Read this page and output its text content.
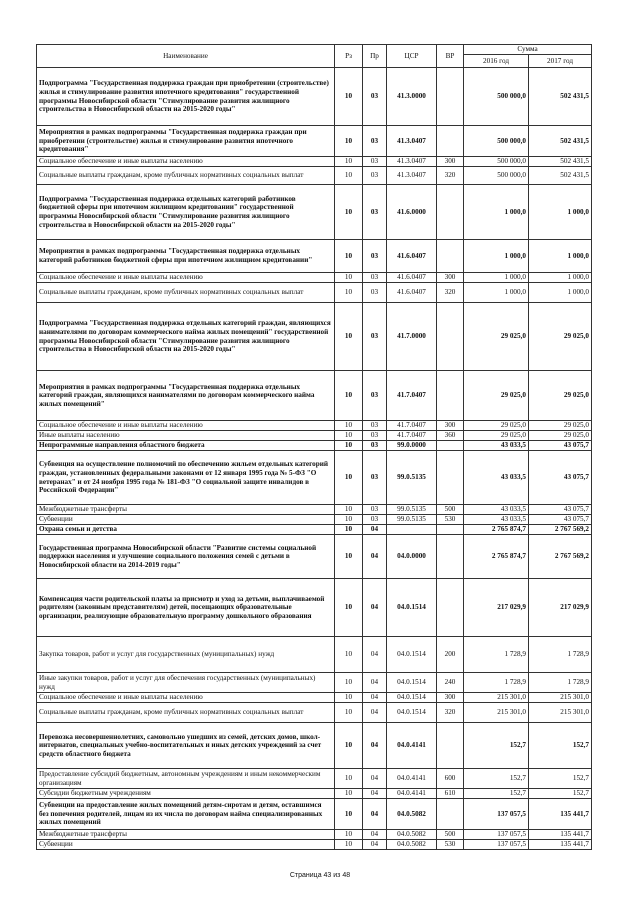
Наименование	Рз	Пр	ЦСР	ВР	Сумма	
					2016 год	2017 год
Подпрограмма "Государственная поддержка граждан при приобретении (строительстве) жилья и стимулирование развития ипотечного кредитования" государственной программы Новосибирской области "Стимулирование развития жилищного строительства в Новосибирской области на 2015-2020 годы"	10	03	41.3.0000		500 000,0	502 431,5
Мероприятия в рамках подпрограммы "Государственная поддержка граждан при приобретении (строительстве) жилья и стимулирование развития ипотечного кредитования"	10	03	41.3.0407		500 000,0	502 431,5
Социальное обеспечение и иные выплаты населению	10	03	41.3.0407	300	500 000,0	502 431,5
Социальные выплаты гражданам, кроме публичных нормативных социальных выплат	10	03	41.3.0407	320	500 000,0	502 431,5
Подпрограмма "Государственная поддержка отдельных категорий работников бюджетной сферы при ипотечном жилищном кредитовании" государственной программы Новосибирской области "Стимулирование развития жилищного строительства в Новосибирской области на 2015-2020 годы"	10	03	41.6.0000		1 000,0	1 000,0
Мероприятия в рамках подпрограммы "Государственная поддержка отдельных категорий работников бюджетной сферы при ипотечном жилищном кредитовании"	10	03	41.6.0407		1 000,0	1 000,0
Социальное обеспечение и иные выплаты населению	10	03	41.6.0407	300	1 000,0	1 000,0
Социальные выплаты гражданам, кроме публичных нормативных социальных выплат	10	03	41.6.0407	320	1 000,0	1 000,0
Подпрограмма "Государственная поддержка отдельных категорий граждан, являющихся нанимателями по договорам коммерческого найма жилых помещений" государственной программы Новосибирской области "Стимулирование развития жилищного строительства в Новосибирской области на 2015-2020 годы"	10	03	41.7.0000		29 025,0	29 025,0
Мероприятия в рамках подпрограммы "Государственная поддержка отдельных категорий граждан, являющихся нанимателями по договорам коммерческого найма жилых помещений"	10	03	41.7.0407		29 025,0	29 025,0
Социальное обеспечение и иные выплаты населению	10	03	41.7.0407	300	29 025,0	29 025,0
Иные выплаты населению	10	03	41.7.0407	360	29 025,0	29 025,0
Непрограммные направления областного бюджета	10	03	99.0.0000		43 033,5	43 075,7
Субвенция на осуществление полномочий по обеспечению жильем отдельных категорий граждан, установленных федеральными законами от 12 января 1995 года № 5-ФЗ "О ветеранах" и от 24 ноября 1995 года № 181-ФЗ "О социальной защите инвалидов в Российской Федерации"	10	03	99.0.5135		43 033,5	43 075,7
Межбюджетные трансферты	10	03	99.0.5135	500	43 033,5	43 075,7
Субвенции	10	03	99.0.5135	530	43 033,5	43 075,7
Охрана семьи и детства	10	04			2 765 874,7	2 767 569,2
Государственная программа Новосибирской области "Развитие системы социальной поддержки населения и улучшение социального положения семей с детьми в Новосибирской области на 2014-2019 годы"	10	04	04.0.0000		2 765 874,7	2 767 569,2
Компенсация части родительской платы за присмотр и уход за детьми, выплачиваемой родителям (законным представителям) детей, посещающих образовательные организации, реализующие образовательную программу дошкольного образования	10	04	04.0.1514		217 029,9	217 029,9
Закупка товаров, работ и услуг для государственных (муниципальных) нужд	10	04	04.0.1514	200	1 728,9	1 728,9
Иные закупки товаров, работ и услуг для обеспечения государственных (муниципальных) нужд	10	04	04.0.1514	240	1 728,9	1 728,9
Социальное обеспечение и иные выплаты населению	10	04	04.0.1514	300	215 301,0	215 301,0
Социальные выплаты гражданам, кроме публичных нормативных социальных выплат	10	04	04.0.1514	320	215 301,0	215 301,0
Перевозка несовершеннолетних, самовольно ушедших из семей, детских домов, школ-интернатов, специальных учебно-воспитательных и иных детских учреждений за счет средств областного бюджета	10	04	04.0.4141		152,7	152,7
Предоставление субсидий бюджетным, автономным учреждениям и иным некоммерческим организациям	10	04	04.0.4141	600	152,7	152,7
Субсидии бюджетным учреждениям	10	04	04.0.4141	610	152,7	152,7
Субвенции на предоставление жилых помещений детям-сиротам и детям, оставшимся без попечения родителей, лицам из их числа по договорам найма специализированных жилых помещений	10	04	04.0.5082		137 057,5	135 441,7
Межбюджетные трансферты	10	04	04.0.5082	500	137 057,5	135 441,7
Субвенции	10	04	04.0.5082	530	137 057,5	135 441,7
Страница 43 из 48
